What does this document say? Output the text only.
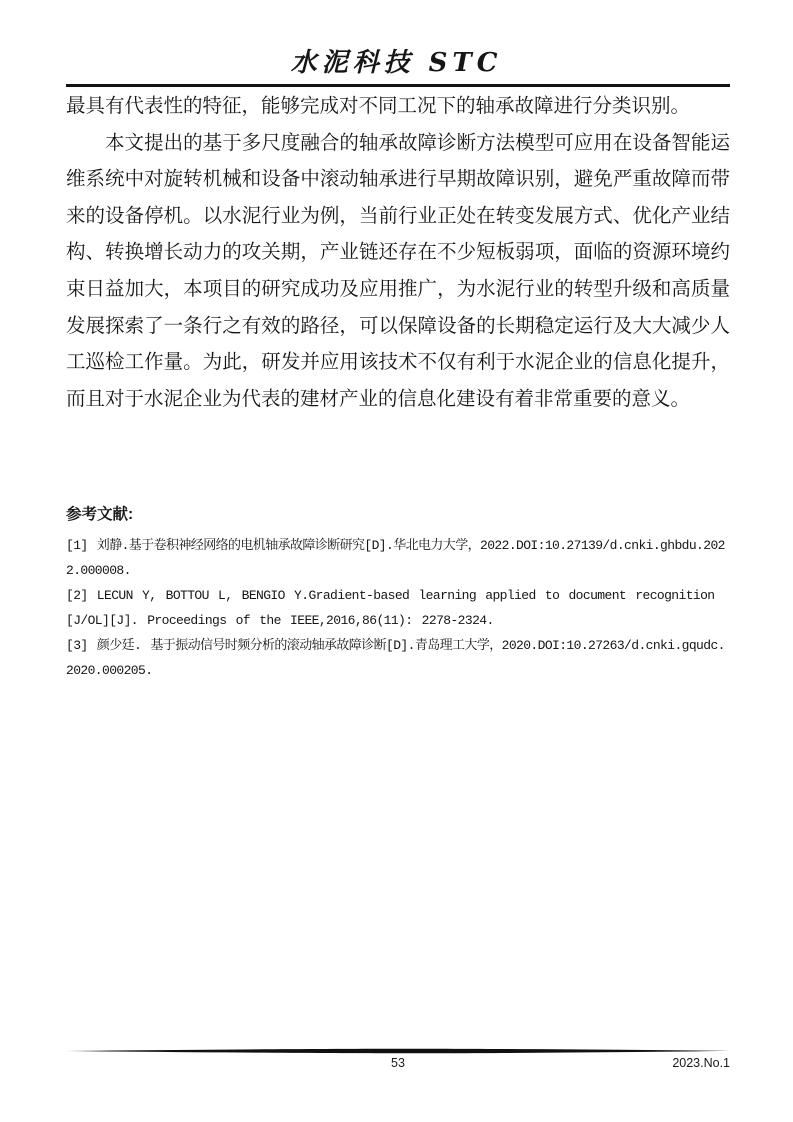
水泥科技 STC

最具有代表性的特征，能够完成对不同工况下的轴承故障进行分类识别。

本文提出的基于多尺度融合的轴承故障诊断方法模型可应用在设备智能运维系统中对旋转机械和设备中滚动轴承进行早期故障识别，避免严重故障而带来的设备停机。以水泥行业为例，当前行业正处在转变发展方式、优化产业结构、转换增长动力的攻关期，产业链还存在不少短板弱项，面临的资源环境约束日益加大，本项目的研究成功及应用推广，为水泥行业的转型升级和高质量发展探索了一条行之有效的路径，可以保障设备的长期稳定运行及大大减少人工巡检工作量。为此，研发并应用该技术不仅有利于水泥企业的信息化提升，而且对于水泥企业为代表的建材产业的信息化建设有着非常重要的意义。

参考文献:

[1] 刘静.基于卷积神经网络的电机轴承故障诊断研究[D].华北电力大学，2022.DOI:10.27139/d.cnki.ghbdu.2022.000008.

[2] LECUN Y, BOTTOU L, BENGIO Y.Gradient-based learning applied to document recognition [J/OL][J]. Proceedings of the IEEE,2016,86(11): 2278-2324.

[3] 颜少廷. 基于振动信号时频分析的滚动轴承故障诊断[D].青岛理工大学，2020.DOI:10.27263/d.cnki.gqudc.2020.000205.

53	2023.No.1
